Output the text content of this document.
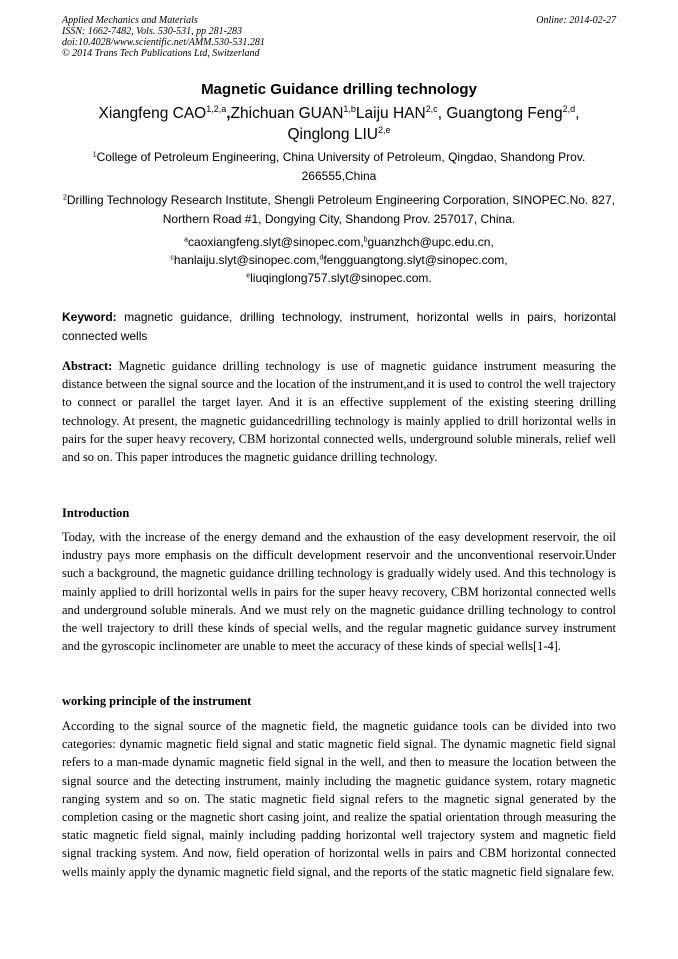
Applied Mechanics and Materials
ISSN: 1662-7482, Vols. 530-531, pp 281-283
doi:10.4028/www.scientific.net/AMM.530-531.281
© 2014 Trans Tech Publications Ltd, Switzerland
Online: 2014-02-27
Magnetic Guidance drilling technology
Xiangfeng CAO$^{1,2,a}$,Zhichuan GUAN$^{1,b}$Laiju HAN$^{2,c}$, Guangtong Feng$^{2,d}$,
Qinglong LIU$^{2,e}$
$^1$College of Petroleum Engineering, China University of Petroleum, Qingdao, Shandong Prov. 266555,China
$^2$Drilling Technology Research Institute, Shengli Petroleum Engineering Corporation, SINOPEC.No. 827, Northern Road #1, Dongying City, Shandong Prov. 257017, China.
$^a$caoxiangfeng.slyt@sinopec.com,$^b$guanzhch@upc.edu.cn,
$^c$hanlaiju.slyt@sinopec.com,$^d$fengguangtong.slyt@sinopec.com,
$^e$liuqinglong757.slyt@sinopec.com.
Keyword: magnetic guidance, drilling technology, instrument, horizontal wells in pairs, horizontal connected wells
Abstract: Magnetic guidance drilling technology is use of magnetic guidance instrument measuring the distance between the signal source and the location of the instrument,and it is used to control the well trajectory to connect or parallel the target layer. And it is an effective supplement of the existing steering drilling technology. At present, the magnetic guidancedrilling technology is mainly applied to drill horizontal wells in pairs for the super heavy recovery, CBM horizontal connected wells, underground soluble minerals, relief well and so on. This paper introduces the magnetic guidance drilling technology.
Introduction
Today, with the increase of the energy demand and the exhaustion of the easy development reservoir, the oil industry pays more emphasis on the difficult development reservoir and the unconventional reservoir.Under such a background, the magnetic guidance drilling technology is gradually widely used. And this technology is mainly applied to drill horizontal wells in pairs for the super heavy recovery, CBM horizontal connected wells and underground soluble minerals. And we must rely on the magnetic guidance drilling technology to control the well trajectory to drill these kinds of special wells, and the regular magnetic guidance survey instrument and the gyroscopic inclinometer are unable to meet the accuracy of these kinds of special wells[1-4].
working principle of the instrument
According to the signal source of the magnetic field, the magnetic guidance tools can be divided into two categories: dynamic magnetic field signal and static magnetic field signal. The dynamic magnetic field signal refers to a man-made dynamic magnetic field signal in the well, and then to measure the location between the signal source and the detecting instrument, mainly including the magnetic guidance system, rotary magnetic ranging system and so on. The static magnetic field signal refers to the magnetic signal generated by the completion casing or the magnetic short casing joint, and realize the spatial orientation through measuring the static magnetic field signal, mainly including padding horizontal well trajectory system and magnetic field signal tracking system. And now, field operation of horizontal wells in pairs and CBM horizontal connected wells mainly apply the dynamic magnetic field signal, and the reports of the static magnetic field signalare few.
